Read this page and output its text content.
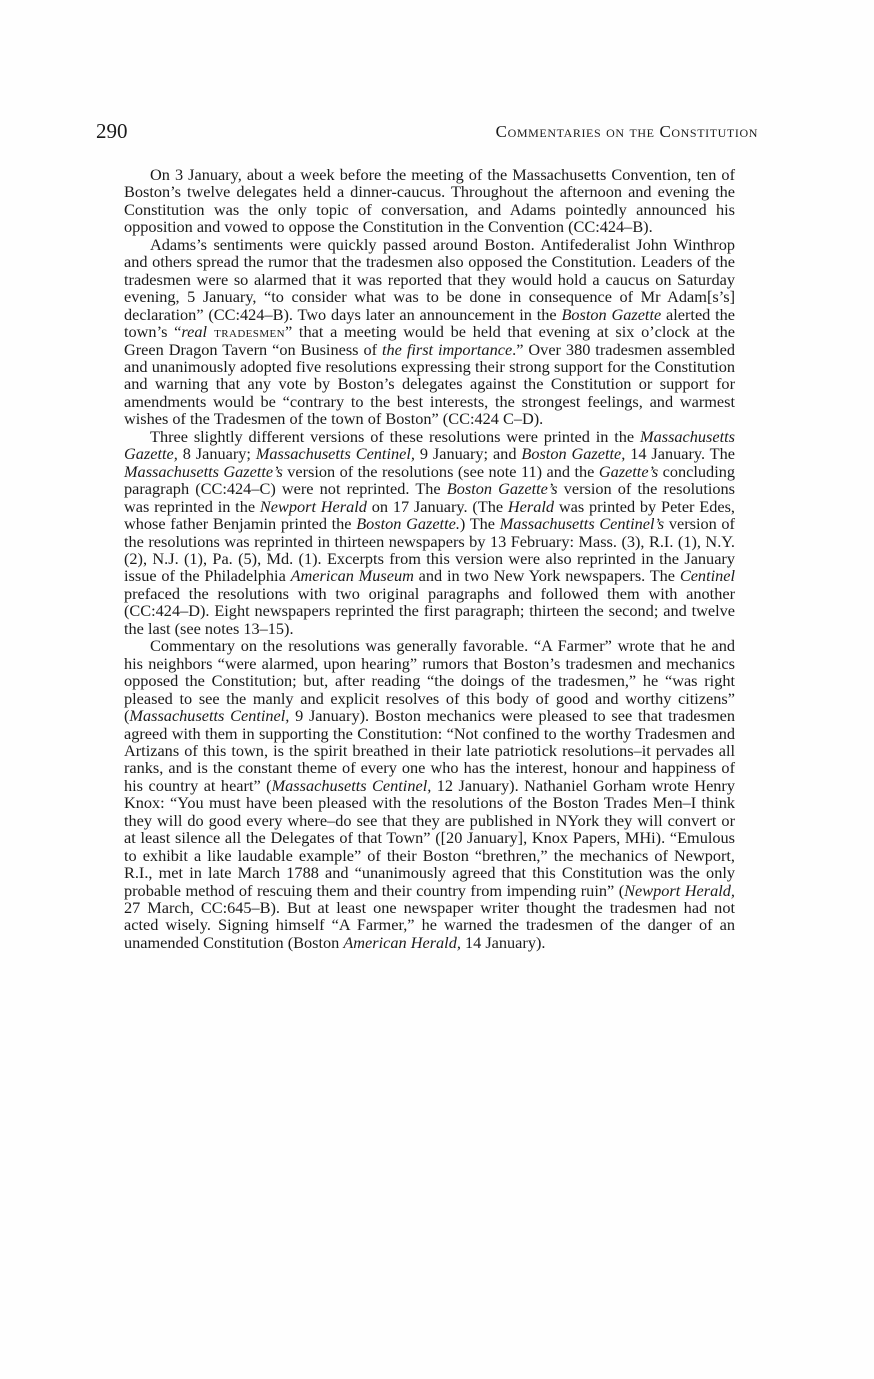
290	Commentaries on the Constitution

On 3 January, about a week before the meeting of the Massachusetts Convention, ten of Boston’s twelve delegates held a dinner-caucus. Throughout the afternoon and evening the Constitution was the only topic of conversation, and Adams pointedly announced his opposition and vowed to oppose the Constitution in the Convention (CC:424–B).

Adams’s sentiments were quickly passed around Boston. Antifederalist John Winthrop and others spread the rumor that the tradesmen also opposed the Constitution. Leaders of the tradesmen were so alarmed that it was reported that they would hold a caucus on Saturday evening, 5 January, “to consider what was to be done in consequence of Mr Adam[s’s] declaration” (CC:424–B). Two days later an announcement in the Boston Gazette alerted the town’s “real tradesmen” that a meeting would be held that evening at six o’clock at the Green Dragon Tavern “on Business of the first importance.” Over 380 tradesmen assembled and unanimously adopted five resolutions expressing their strong support for the Constitution and warning that any vote by Boston’s delegates against the Constitution or support for amendments would be “contrary to the best interests, the strongest feelings, and warmest wishes of the Tradesmen of the town of Boston” (CC:424 C–D).

Three slightly different versions of these resolutions were printed in the Massachusetts Gazette, 8 January; Massachusetts Centinel, 9 January; and Boston Gazette, 14 January. The Massachusetts Gazette’s version of the resolutions (see note 11) and the Gazette’s concluding paragraph (CC:424–C) were not reprinted. The Boston Gazette’s version of the resolutions was reprinted in the Newport Herald on 17 January. (The Herald was printed by Peter Edes, whose father Benjamin printed the Boston Gazette.) The Massachusetts Centinel’s version of the resolutions was reprinted in thirteen newspapers by 13 February: Mass. (3), R.I. (1), N.Y. (2), N.J. (1), Pa. (5), Md. (1). Excerpts from this version were also reprinted in the January issue of the Philadelphia American Museum and in two New York newspapers. The Centinel prefaced the resolutions with two original paragraphs and followed them with another (CC:424–D). Eight newspapers reprinted the first paragraph; thirteen the second; and twelve the last (see notes 13–15).

Commentary on the resolutions was generally favorable. “A Farmer” wrote that he and his neighbors “were alarmed, upon hearing” rumors that Boston’s tradesmen and mechanics opposed the Constitution; but, after reading “the doings of the tradesmen,” he “was right pleased to see the manly and explicit resolves of this body of good and worthy citizens” (Massachusetts Centinel, 9 January). Boston mechanics were pleased to see that tradesmen agreed with them in supporting the Constitution: “Not confined to the worthy Tradesmen and Artizans of this town, is the spirit breathed in their late patriotick resolutions–it pervades all ranks, and is the constant theme of every one who has the interest, honour and happiness of his country at heart” (Massachusetts Centinel, 12 January). Nathaniel Gorham wrote Henry Knox: “You must have been pleased with the resolutions of the Boston Trades Men–I think they will do good every where–do see that they are published in NYork they will convert or at least silence all the Delegates of that Town” ([20 January], Knox Papers, MHi). “Emulous to exhibit a like laudable example” of their Boston “brethren,” the mechanics of Newport, R.I., met in late March 1788 and “unanimously agreed that this Constitution was the only probable method of rescuing them and their country from impending ruin” (Newport Herald, 27 March, CC:645–B). But at least one newspaper writer thought the tradesmen had not acted wisely. Signing himself “A Farmer,” he warned the tradesmen of the danger of an unamended Constitution (Boston American Herald, 14 January).
